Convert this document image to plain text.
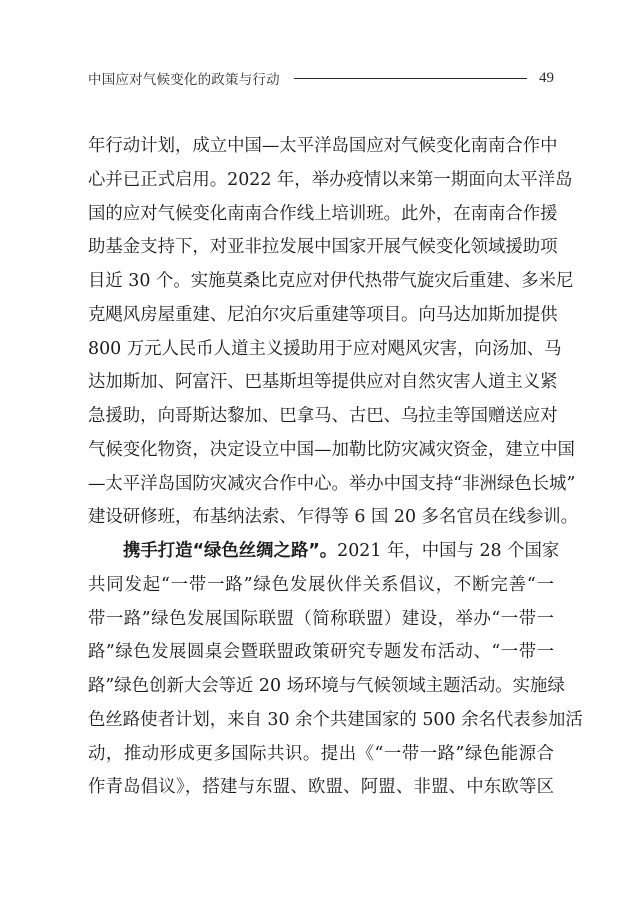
中国应对气候变化的政策与行动	49
年行动计划，成立中国—太平洋岛国应对气候变化南南合作中
心并已正式启用。2022 年，举办疫情以来第一期面向太平洋岛
国的应对气候变化南南合作线上培训班。此外，在南南合作援
助基金支持下，对亚非拉发展中国家开展气候变化领域援助项
目近 30 个。实施莫桑比克应对伊代热带气旋灾后重建、多米尼
克飓风房屋重建、尼泊尔灾后重建等项目。向马达加斯加提供
800 万元人民币人道主义援助用于应对飓风灾害，向汤加、马
达加斯加、阿富汗、巴基斯坦等提供应对自然灾害人道主义紧
急援助，向哥斯达黎加、巴拿马、古巴、乌拉圭等国赠送应对
气候变化物资，决定设立中国—加勒比防灾减灾资金，建立中国
—太平洋岛国防灾减灾合作中心。举办中国支持“非洲绿色长城”
建设研修班，布基纳法索、乍得等 6 国 20 多名官员在线参训。
携手打造“绿色丝绸之路”。2021 年，中国与 28 个国家
共同发起“一带一路”绿色发展伙伴关系倡议，不断完善“一
带一路”绿色发展国际联盟（简称联盟）建设，举办“一带一
路”绿色发展圆桌会暨联盟政策研究专题发布活动、“一带一
路”绿色创新大会等近 20 场环境与气候领域主题活动。实施绿
色丝路使者计划，来自 30 余个共建国家的 500 余名代表参加活
动，推动形成更多国际共识。提出《“一带一路”绿色能源合
作青岛倡议》，搭建与东盟、欧盟、阿盟、非盟、中东欧等区
